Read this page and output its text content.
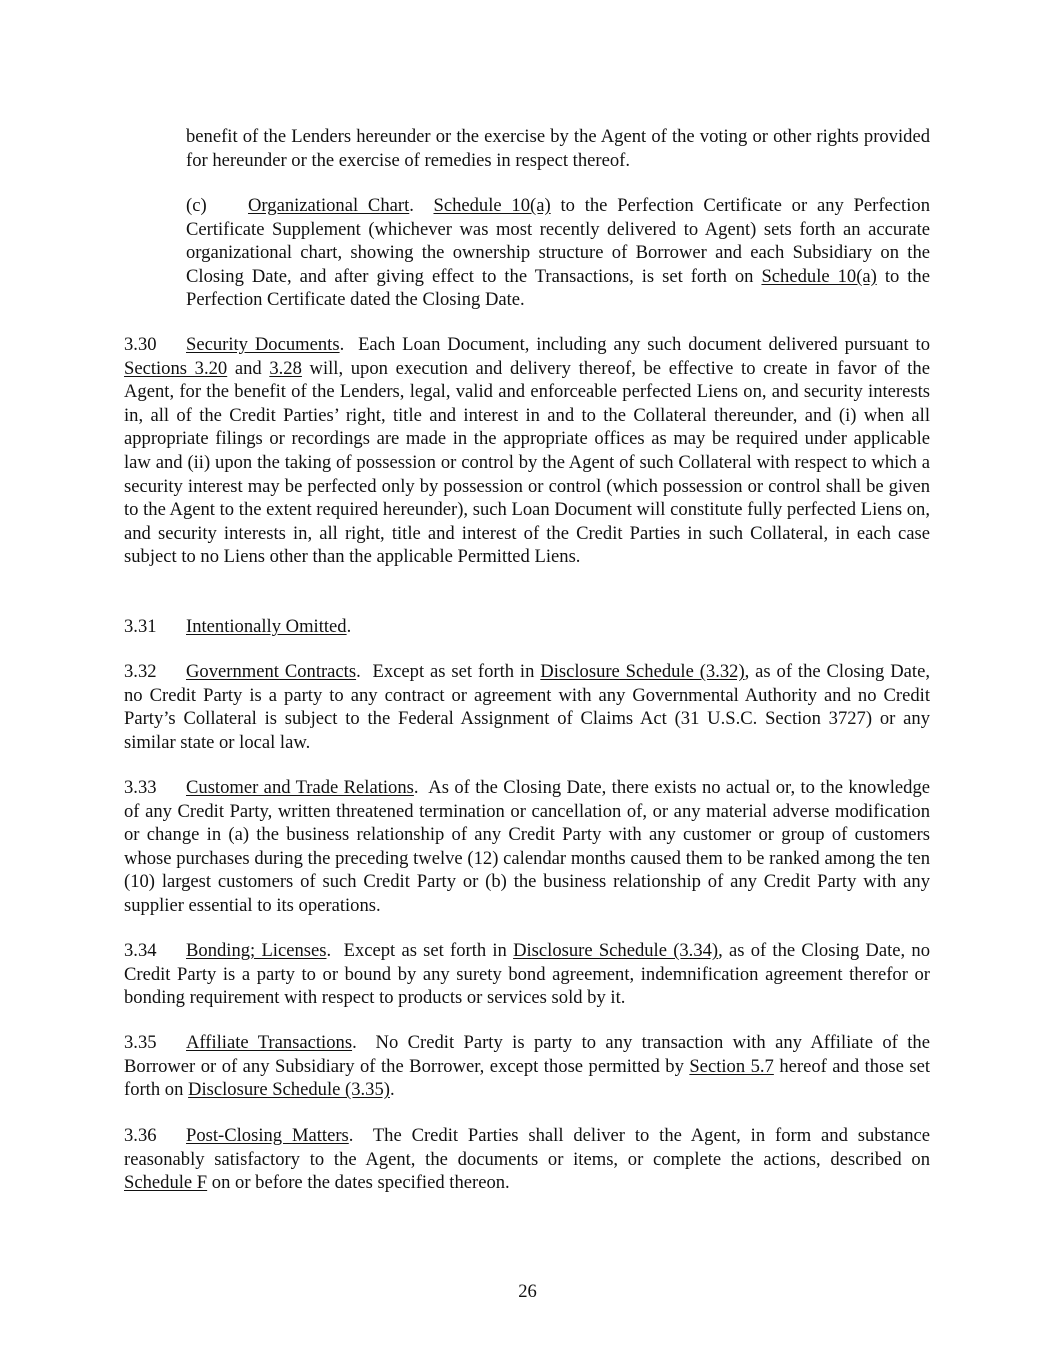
benefit of the Lenders hereunder or the exercise by the Agent of the voting or other rights provided for hereunder or the exercise of remedies in respect thereof.

(c) Organizational Chart.  Schedule 10(a) to the Perfection Certificate or any Perfection Certificate Supplement (whichever was most recently delivered to Agent) sets forth an accurate organizational chart, showing the ownership structure of Borrower and each Subsidiary on the Closing Date, and after giving effect to the Transactions, is set forth on Schedule 10(a) to the Perfection Certificate dated the Closing Date.

3.30 Security Documents.  Each Loan Document, including any such document delivered pursuant to Sections 3.20 and 3.28 will, upon execution and delivery thereof, be effective to create in favor of the Agent, for the benefit of the Lenders, legal, valid and enforceable perfected Liens on, and security interests in, all of the Credit Parties’ right, title and interest in and to the Collateral thereunder, and (i) when all appropriate filings or recordings are made in the appropriate offices as may be required under applicable law and (ii) upon the taking of possession or control by the Agent of such Collateral with respect to which a security interest may be perfected only by possession or control (which possession or control shall be given to the Agent to the extent required hereunder), such Loan Document will constitute fully perfected Liens on, and security interests in, all right, title and interest of the Credit Parties in such Collateral, in each case subject to no Liens other than the applicable Permitted Liens.

3.31 Intentionally Omitted.

3.32 Government Contracts.  Except as set forth in Disclosure Schedule (3.32), as of the Closing Date, no Credit Party is a party to any contract or agreement with any Governmental Authority and no Credit Party’s Collateral is subject to the Federal Assignment of Claims Act (31 U.S.C. Section 3727) or any similar state or local law.

3.33 Customer and Trade Relations.  As of the Closing Date, there exists no actual or, to the knowledge of any Credit Party, written threatened termination or cancellation of, or any material adverse modification or change in (a) the business relationship of any Credit Party with any customer or group of customers whose purchases during the preceding twelve (12) calendar months caused them to be ranked among the ten (10) largest customers of such Credit Party or (b) the business relationship of any Credit Party with any supplier essential to its operations.

3.34 Bonding; Licenses.  Except as set forth in Disclosure Schedule (3.34), as of the Closing Date, no Credit Party is a party to or bound by any surety bond agreement, indemnification agreement therefor or bonding requirement with respect to products or services sold by it.

3.35 Affiliate Transactions.  No Credit Party is party to any transaction with any Affiliate of the Borrower or of any Subsidiary of the Borrower, except those permitted by Section 5.7 hereof and those set forth on Disclosure Schedule (3.35).

3.36 Post-Closing Matters.  The Credit Parties shall deliver to the Agent, in form and substance reasonably satisfactory to the Agent, the documents or items, or complete the actions, described on Schedule F on or before the dates specified thereon.

26
